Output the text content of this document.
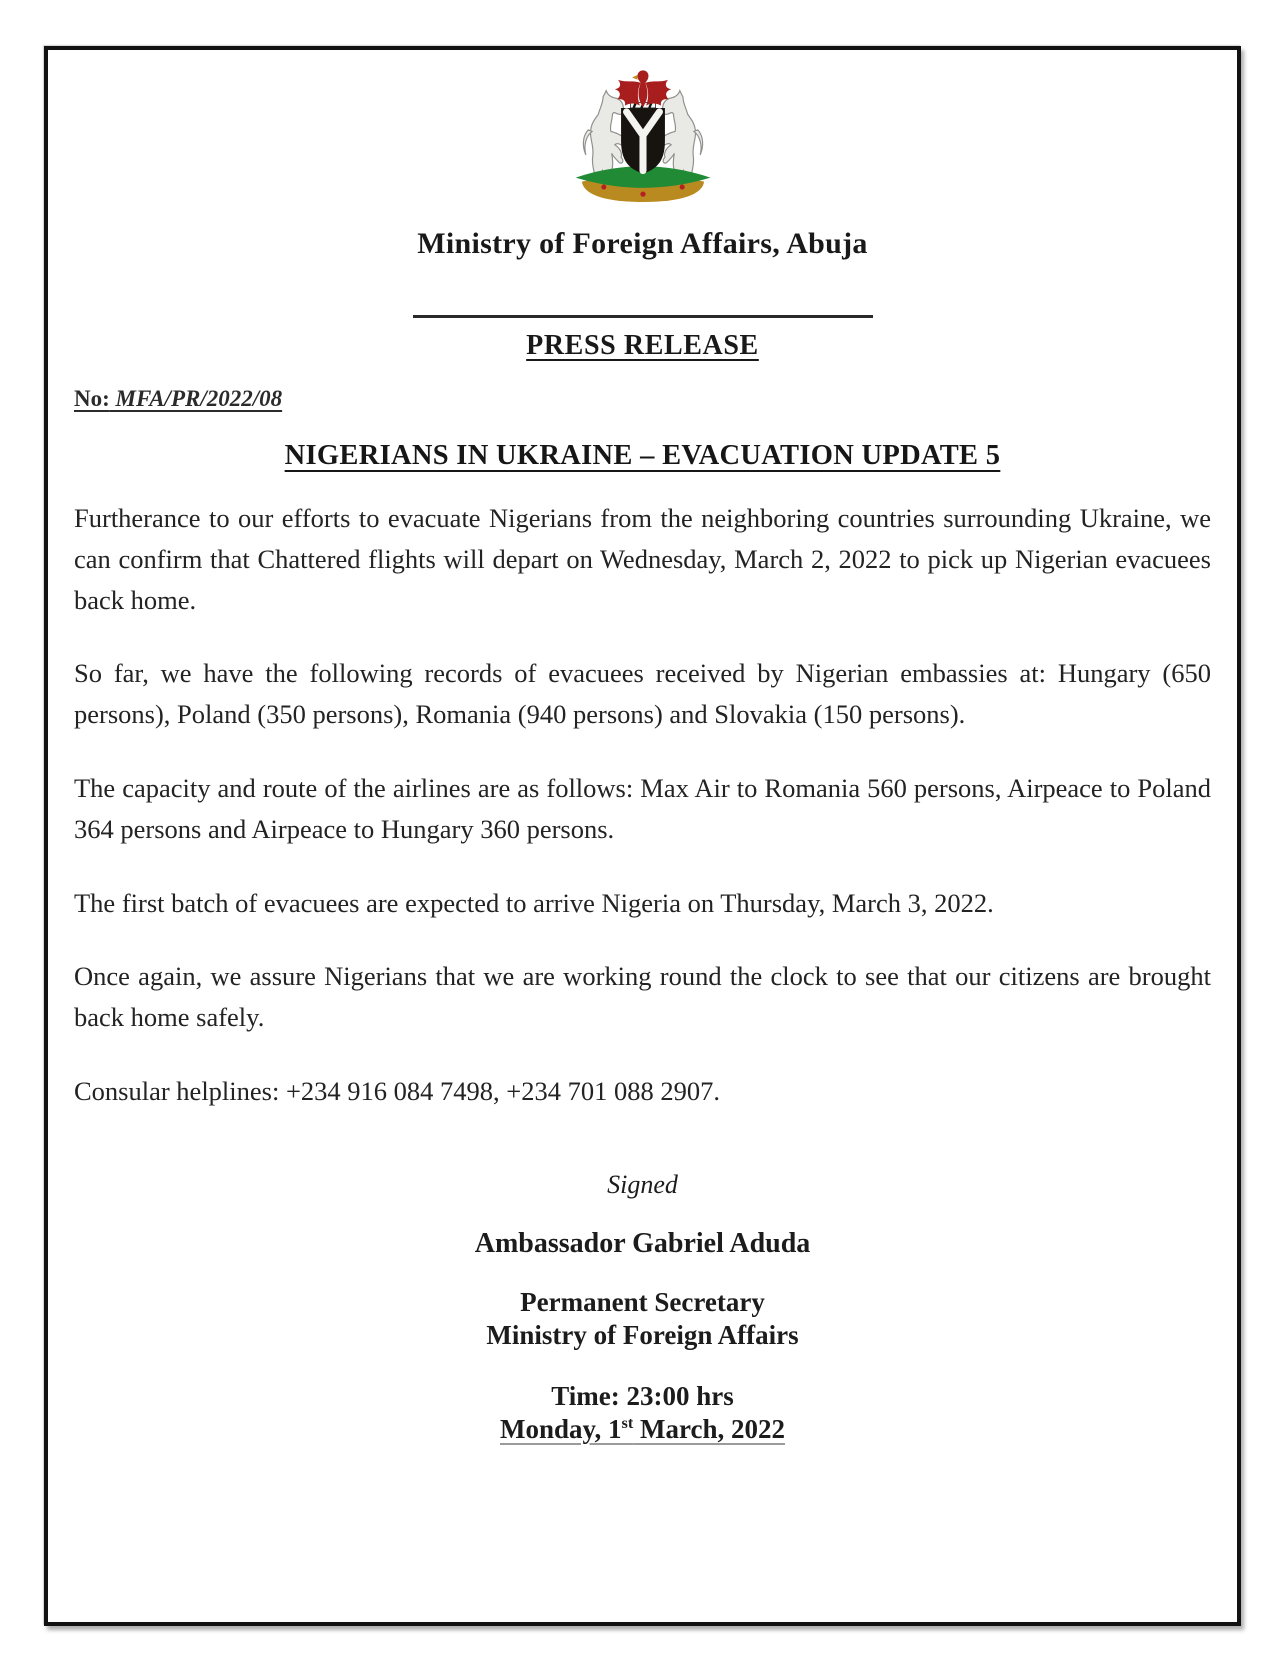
Ministry of Foreign Affairs, Abuja
PRESS RELEASE
No: MFA/PR/2022/08
NIGERIANS IN UKRAINE – EVACUATION UPDATE 5

Furtherance to our efforts to evacuate Nigerians from the neighboring countries surrounding Ukraine, we can confirm that Chattered flights will depart on Wednesday, March 2, 2022 to pick up Nigerian evacuees back home.

So far, we have the following records of evacuees received by Nigerian embassies at: Hungary (650 persons), Poland (350 persons), Romania (940 persons) and Slovakia (150 persons).

The capacity and route of the airlines are as follows: Max Air to Romania 560 persons, Airpeace to Poland 364 persons and Airpeace to Hungary 360 persons.

The first batch of evacuees are expected to arrive Nigeria on Thursday, March 3, 2022.

Once again, we assure Nigerians that we are working round the clock to see that our citizens are brought back home safely.

Consular helplines: +234 916 084 7498, +234 701 088 2907.

Signed
Ambassador Gabriel Aduda
Permanent Secretary
Ministry of Foreign Affairs
Time: 23:00 hrs
Monday, 1st March, 2022
